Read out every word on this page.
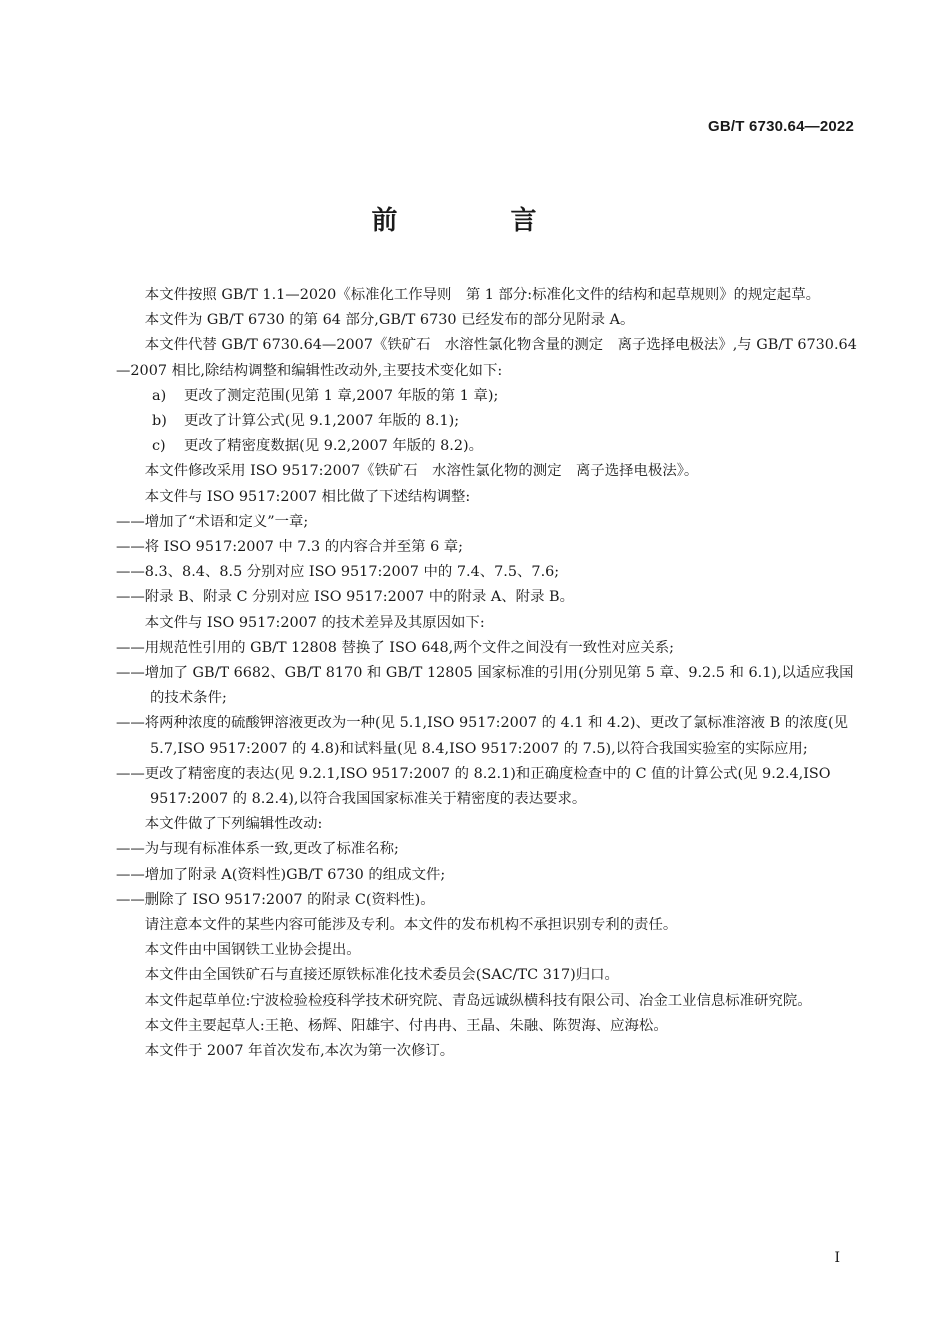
GB/T 6730.64—2022
前 言

本文件按照 GB/T 1.1—2020《标准化工作导则　第 1 部分:标准化文件的结构和起草规则》的规定起草。

本文件为 GB/T 6730 的第 64 部分,GB/T 6730 已经发布的部分见附录 A。

本文件代替 GB/T 6730.64—2007《铁矿石　水溶性氯化物含量的测定　离子选择电极法》,与 GB/T 6730.64—2007 相比,除结构调整和编辑性改动外,主要技术变化如下:

a) 更改了测定范围(见第 1 章,2007 年版的第 1 章);

b) 更改了计算公式(见 9.1,2007 年版的 8.1);

c) 更改了精密度数据(见 9.2,2007 年版的 8.2)。

本文件修改采用 ISO 9517:2007《铁矿石　水溶性氯化物的测定　离子选择电极法》。

本文件与 ISO 9517:2007 相比做了下述结构调整:

——增加了“术语和定义”一章;

——将 ISO 9517:2007 中 7.3 的内容合并至第 6 章;

——8.3、8.4、8.5 分别对应 ISO 9517:2007 中的 7.4、7.5、7.6;

——附录 B、附录 C 分别对应 ISO 9517:2007 中的附录 A、附录 B。

本文件与 ISO 9517:2007 的技术差异及其原因如下:

——用规范性引用的 GB/T 12808 替换了 ISO 648,两个文件之间没有一致性对应关系;

——增加了 GB/T 6682、GB/T 8170 和 GB/T 12805 国家标准的引用(分别见第 5 章、9.2.5 和 6.1),以适应我国的技术条件;

——将两种浓度的硫酸钾溶液更改为一种(见 5.1,ISO 9517:2007 的 4.1 和 4.2)、更改了氯标准溶液 B 的浓度(见 5.7,ISO 9517:2007 的 4.8)和试料量(见 8.4,ISO 9517:2007 的 7.5),以符合我国实验室的实际应用;

——更改了精密度的表达(见 9.2.1,ISO 9517:2007 的 8.2.1)和正确度检查中的 C 值的计算公式(见 9.2.4,ISO 9517:2007 的 8.2.4),以符合我国国家标准关于精密度的表达要求。

本文件做了下列编辑性改动:

——为与现有标准体系一致,更改了标准名称;

——增加了附录 A(资料性)GB/T 6730 的组成文件;

——删除了 ISO 9517:2007 的附录 C(资料性)。

请注意本文件的某些内容可能涉及专利。本文件的发布机构不承担识别专利的责任。

本文件由中国钢铁工业协会提出。

本文件由全国铁矿石与直接还原铁标准化技术委员会(SAC/TC 317)归口。

本文件起草单位:宁波检验检疫科学技术研究院、青岛远诚纵横科技有限公司、冶金工业信息标准研究院。

本文件主要起草人:王艳、杨辉、阳雄宇、付冉冉、王晶、朱融、陈贺海、应海松。

本文件于 2007 年首次发布,本次为第一次修订。

I
